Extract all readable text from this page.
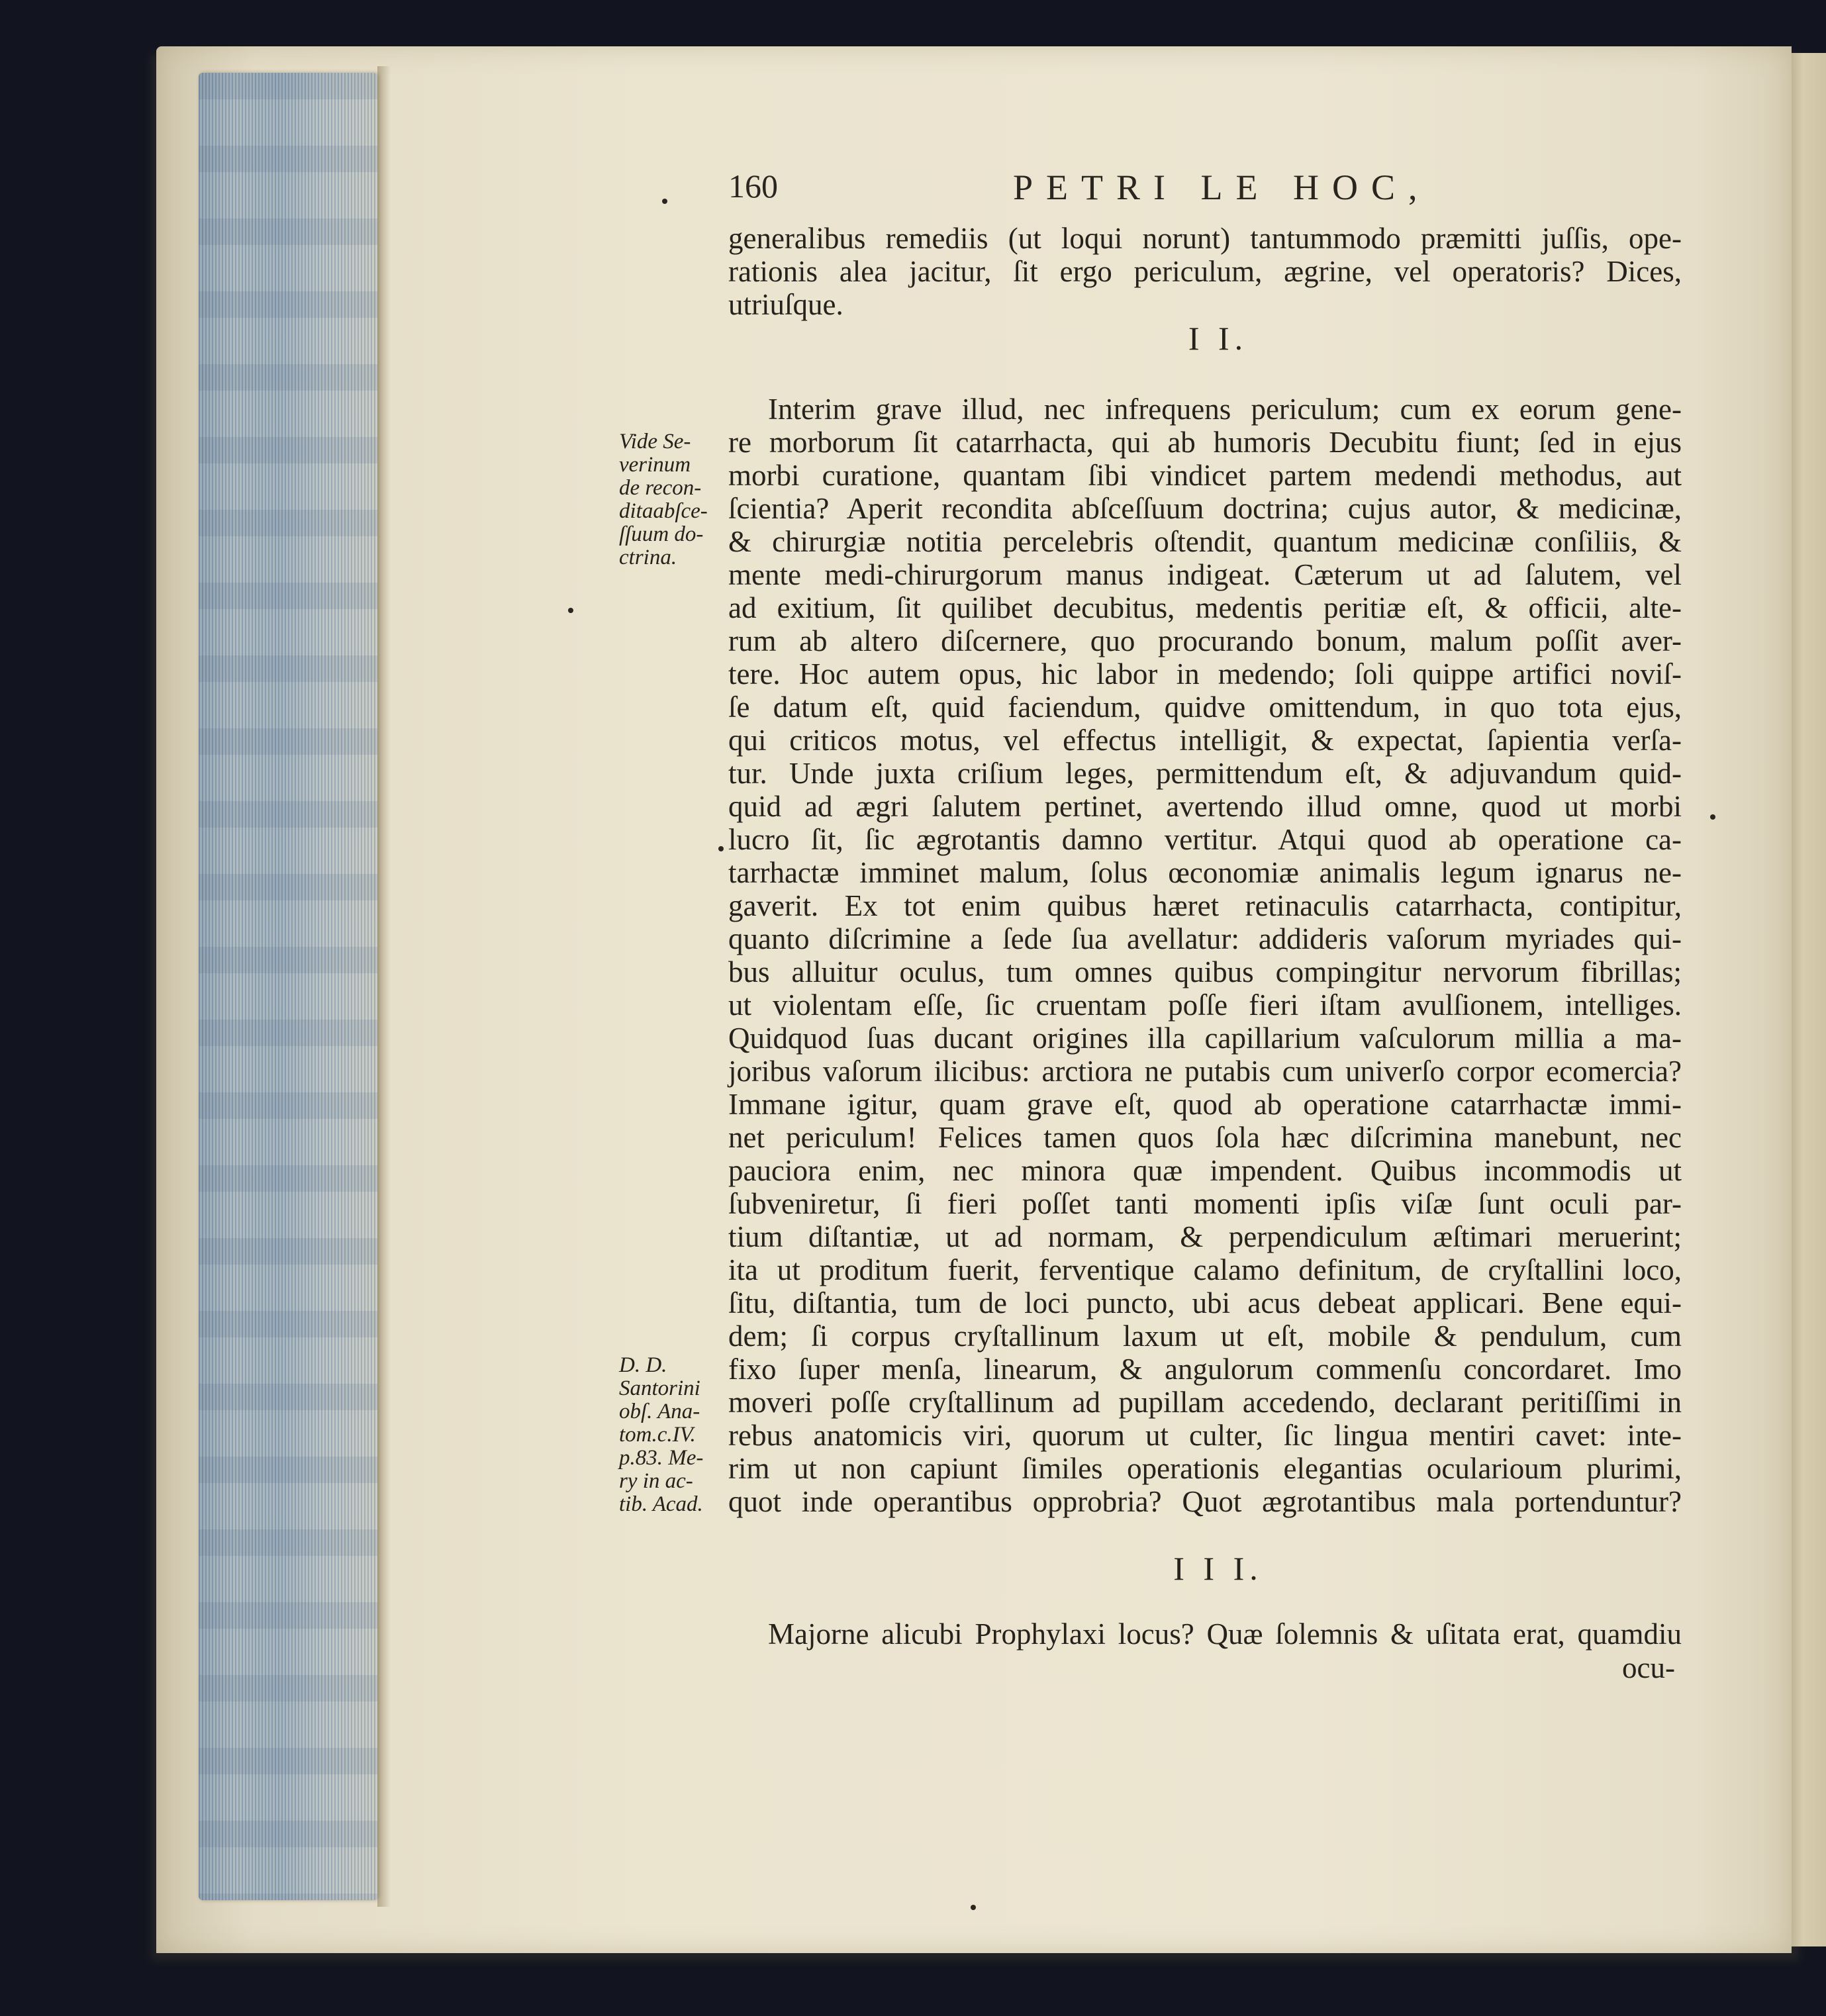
160	PETRI LE HOC,
generalibus remediis (ut loqui norunt) tantummodo præmitti juſſis, ope-
rationis alea jacitur, ſit ergo periculum, ægrine, vel operatoris? Dices,
utriuſque.
I I.
Interim grave illud, nec infrequens periculum; cum ex eorum gene-
re morborum ſit catarrhacta, qui ab humoris Decubitu fiunt; ſed in ejus
morbi curatione, quantam ſibi vindicet partem medendi methodus, aut
ſcientia? Aperit recondita abſceſſuum doctrina; cujus autor, & medicinæ,
& chirurgiæ notitia percelebris oſtendit, quantum medicinæ conſiliis, &
mente medi-chirurgorum manus indigeat. Cæterum ut ad ſalutem, vel
ad exitium, ſit quilibet decubitus, medentis peritiæ eſt, & officii, alte-
rum ab altero diſcernere, quo procurando bonum, malum poſſit aver-
tere. Hoc autem opus, hic labor in medendo; ſoli quippe artifici noviſ-
ſe datum eſt, quid faciendum, quidve omittendum, in quo tota ejus,
qui criticos motus, vel effectus intelligit, & expectat, ſapientia verſa-
tur. Unde juxta criſium leges, permittendum eſt, & adjuvandum quid-
quid ad ægri ſalutem pertinet, avertendo illud omne, quod ut morbi
lucro ſit, ſic ægrotantis damno vertitur. Atqui quod ab operatione ca-
tarrhactæ imminet malum, ſolus œconomiæ animalis legum ignarus ne-
gaverit. Ex tot enim quibus hæret retinaculis catarrhacta, contipitur,
quanto diſcrimine a ſede ſua avellatur: addideris vaſorum myriades qui-
bus alluitur oculus, tum omnes quibus compingitur nervorum fibrillas;
ut violentam eſſe, ſic cruentam poſſe fieri iſtam avulſionem, intelliges.
Quidquod ſuas ducant origines illa capillarium vaſculorum millia a ma-
joribus vaſorum ilicibus: arctiora ne putabis cum univerſo corpor ecomercia?
Immane igitur, quam grave eſt, quod ab operatione catarrhactæ immi-
net periculum! Felices tamen quos ſola hæc diſcrimina manebunt, nec
pauciora enim, nec minora quæ impendent. Quibus incommodis ut
ſubveniretur, ſi fieri poſſet tanti momenti ipſis viſæ ſunt oculi par-
tium diſtantiæ, ut ad normam, & perpendiculum æſtimari meruerint;
ita ut proditum fuerit, ferventique calamo definitum, de cryſtallini loco,
ſitu, diſtantia, tum de loci puncto, ubi acus debeat applicari. Bene equi-
dem; ſi corpus cryſtallinum laxum ut eſt, mobile & pendulum, cum
fixo ſuper menſa, linearum, & angulorum commenſu concordaret. Imo
moveri poſſe cryſtallinum ad pupillam accedendo, declarant peritiſſimi in
rebus anatomicis viri, quorum ut culter, ſic lingua mentiri cavet: inte-
rim ut non capiunt ſimiles operationis elegantias ocularioum plurimi,
quot inde operantibus opprobria? Quot ægrotantibus mala portenduntur?
I I I.
Majorne alicubi Prophylaxi locus? Quæ ſolemnis & uſitata erat, quamdiu
ocu-
Vide Se-
verinum
de recon-
ditaabſce-
ſſuum do-
ctrina.
D. D.
Santorini
obſ. Ana-
tom.c.IV.
p.83. Me-
ry in ac-
tib. Acad.
